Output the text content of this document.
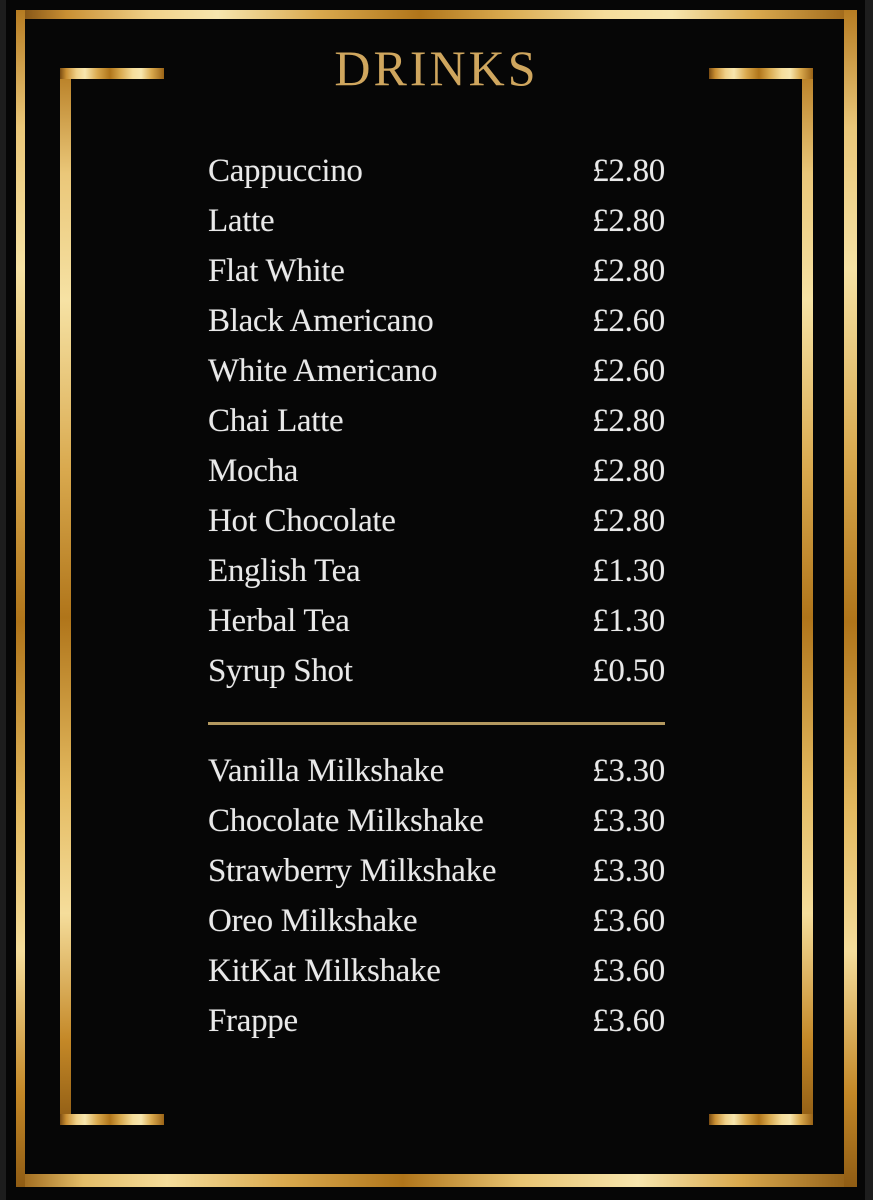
DRINKS
Cappuccino	£2.80
Latte	£2.80
Flat White	£2.80
Black Americano	£2.60
White Americano	£2.60
Chai Latte	£2.80
Mocha	£2.80
Hot Chocolate	£2.80
English Tea	£1.30
Herbal Tea	£1.30
Syrup Shot	£0.50
Vanilla Milkshake	£3.30
Chocolate Milkshake	£3.30
Strawberry Milkshake	£3.30
Oreo Milkshake	£3.60
KitKat Milkshake	£3.60
Frappe	£3.60
